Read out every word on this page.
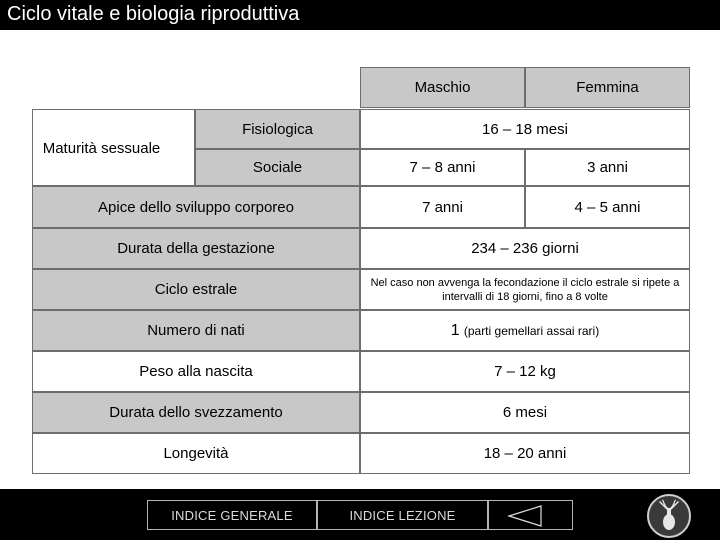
Ciclo vitale e biologia riproduttiva
Maschio	Femmina
Maturità sessuale
Fisiologica	16 – 18 mesi
Sociale	7 – 8 anni	3 anni
Apice dello sviluppo corporeo	7 anni	4 – 5 anni
Durata della gestazione	234 – 236 giorni
Ciclo estrale	Nel caso non avvenga la fecondazione il ciclo estrale si ripete a intervalli di 18 giorni, fino a 8 volte
Numero di nati	1
(parti gemellari assai rari)
Peso alla nascita	7 – 12 kg
Durata dello svezzamento	6 mesi
Longevità	18 – 20 anni
INDICE GENERALE	INDICE LEZIONE
